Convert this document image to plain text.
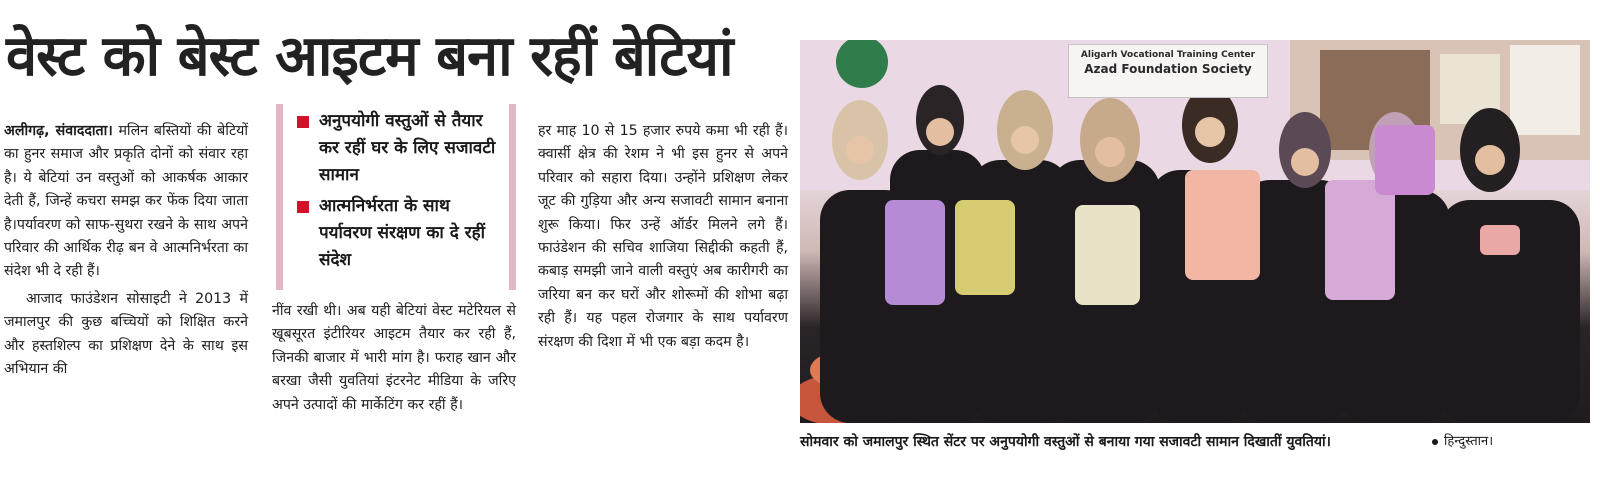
वेस्ट को बेस्ट आइटम बना रहीं बेटियां

अलीगढ़, संवाददाता। मलिन बस्तियों की बेटियों का हुनर समाज और प्रकृति दोनों को संवार रहा है। ये बेटियां उन वस्तुओं को आकर्षक आकार देती हैं, जिन्हें कचरा समझ कर फेंक दिया जाता है।पर्यावरण को साफ-सुथरा रखने के साथ अपने परिवार की आर्थिक रीढ़ बन वे आत्मनिर्भरता का संदेश भी दे रही हैं।

आजाद फाउंडेशन सोसाइटी ने 2013 में जमालपुर की कुछ बच्चियों को शिक्षित करने और हस्तशिल्प का प्रशिक्षण देने के साथ इस अभियान की

अनुपयोगी वस्तुओं से तैयार कर रहीं घर के लिए सजावटी सामान
आत्मनिर्भरता के साथ पर्यावरण संरक्षण का दे रहीं संदेश

नींव रखी थी। अब यही बेटियां वेस्ट मटेरियल से खूबसूरत इंटीरियर आइटम तैयार कर रही हैं, जिनकी बाजार में भारी मांग है। फराह खान और बरखा जैसी युवतियां इंटरनेट मीडिया के जरिए अपने उत्पादों की मार्केटिंग कर रहीं हैं।

हर माह 10 से 15 हजार रुपये कमा भी रही हैं। क्वार्सी क्षेत्र की रेशम ने भी इस हुनर से अपने परिवार को सहारा दिया। उन्होंने प्रशिक्षण लेकर जूट की गुड़िया और अन्य सजावटी सामान बनाना शुरू किया। फिर उन्हें ऑर्डर मिलने लगे हैं।फाउंडेशन की सचिव शाजिया सिद्दीकी कहती हैं, कबाड़ समझी जाने वाली वस्तुएं अब कारीगरी का जरिया बन कर घरों और शोरूमों की शोभा बढ़ा रही हैं। यह पहल रोजगार के साथ पर्यावरण संरक्षण की दिशा में भी एक बड़ा कदम है।

Aligarh Vocational Training Center
Azad Foundation Society
सोमवार को जमालपुर स्थित सेंटर पर अनुपयोगी वस्तुओं से बनाया गया सजावटी सामान दिखातीं युवतियां।	हिन्दुस्तान।
